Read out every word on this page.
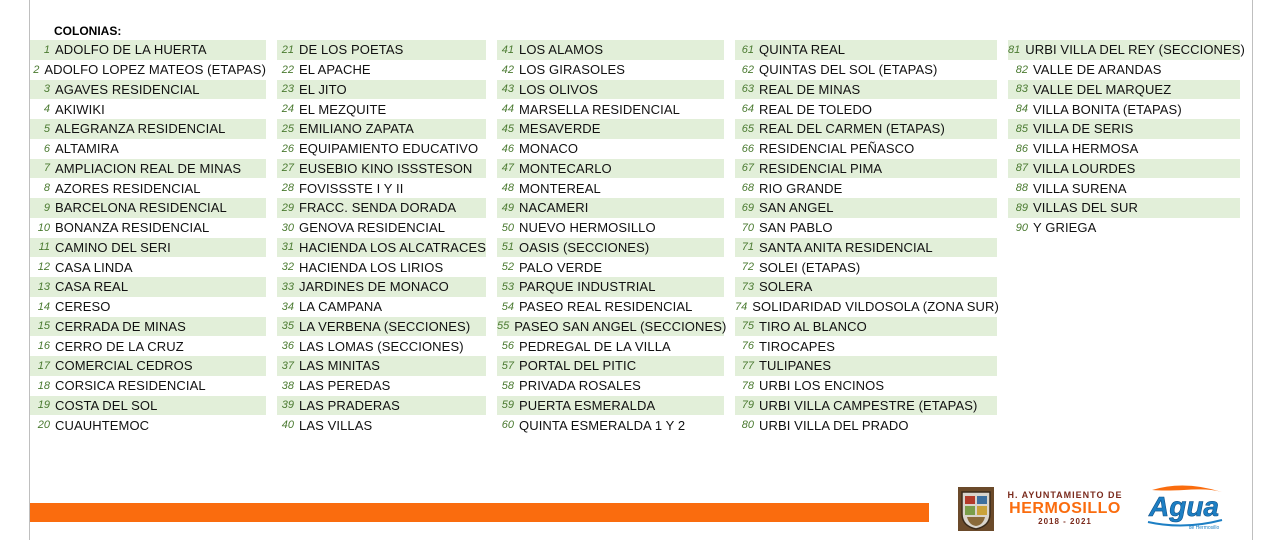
COLONIAS:
1 ADOLFO DE LA HUERTA
2 ADOLFO LOPEZ MATEOS (ETAPAS)
3 AGAVES RESIDENCIAL
4 AKIWIKI
5 ALEGRANZA RESIDENCIAL
6 ALTAMIRA
7 AMPLIACION REAL DE MINAS
8 AZORES RESIDENCIAL
9 BARCELONA RESIDENCIAL
10 BONANZA RESIDENCIAL
11 CAMINO DEL SERI
12 CASA LINDA
13 CASA REAL
14 CERESO
15 CERRADA DE MINAS
16 CERRO DE LA CRUZ
17 COMERCIAL CEDROS
18 CORSICA RESIDENCIAL
19 COSTA DEL SOL
20 CUAUHTEMOC
21 DE LOS POETAS
22 EL APACHE
23 EL JITO
24 EL MEZQUITE
25 EMILIANO ZAPATA
26 EQUIPAMIENTO EDUCATIVO
27 EUSEBIO KINO ISSSTESON
28 FOVISSSTE I Y II
29 FRACC. SENDA DORADA
30 GENOVA RESIDENCIAL
31 HACIENDA LOS ALCATRACES
32 HACIENDA LOS LIRIOS
33 JARDINES DE MONACO
34 LA CAMPANA
35 LA VERBENA (SECCIONES)
36 LAS LOMAS (SECCIONES)
37 LAS MINITAS
38 LAS PEREDAS
39 LAS PRADERAS
40 LAS VILLAS
41 LOS ALAMOS
42 LOS GIRASOLES
43 LOS OLIVOS
44 MARSELLA RESIDENCIAL
45 MESAVERDE
46 MONACO
47 MONTECARLO
48 MONTEREAL
49 NACAMERI
50 NUEVO HERMOSILLO
51 OASIS (SECCIONES)
52 PALO VERDE
53 PARQUE INDUSTRIAL
54 PASEO REAL RESIDENCIAL
55 PASEO SAN ANGEL (SECCIONES)
56 PEDREGAL DE LA VILLA
57 PORTAL DEL PITIC
58 PRIVADA ROSALES
59 PUERTA ESMERALDA
60 QUINTA ESMERALDA 1 Y 2
61 QUINTA REAL
62 QUINTAS DEL SOL (ETAPAS)
63 REAL DE MINAS
64 REAL DE TOLEDO
65 REAL DEL CARMEN (ETAPAS)
66 RESIDENCIAL PEÑASCO
67 RESIDENCIAL PIMA
68 RIO GRANDE
69 SAN ANGEL
70 SAN PABLO
71 SANTA ANITA RESIDENCIAL
72 SOLEI (ETAPAS)
73 SOLERA
74 SOLIDARIDAD VILDOSOLA (ZONA SUR)
75 TIRO AL BLANCO
76 TIROCAPES
77 TULIPANES
78 URBI LOS ENCINOS
79 URBI VILLA CAMPESTRE (ETAPAS)
80 URBI VILLA DEL PRADO
81 URBI VILLA DEL REY (SECCIONES)
82 VALLE DE ARANDAS
83 VALLE DEL MARQUEZ
84 VILLA BONITA (ETAPAS)
85 VILLA DE SERIS
86 VILLA HERMOSA
87 VILLA LOURDES
88 VILLA SURENA
89 VILLAS DEL SUR
90 Y GRIEGA
H. AYUNTAMIENTO DE
HERMOSILLO
2018 - 2021	Agua
de Hermosillo
